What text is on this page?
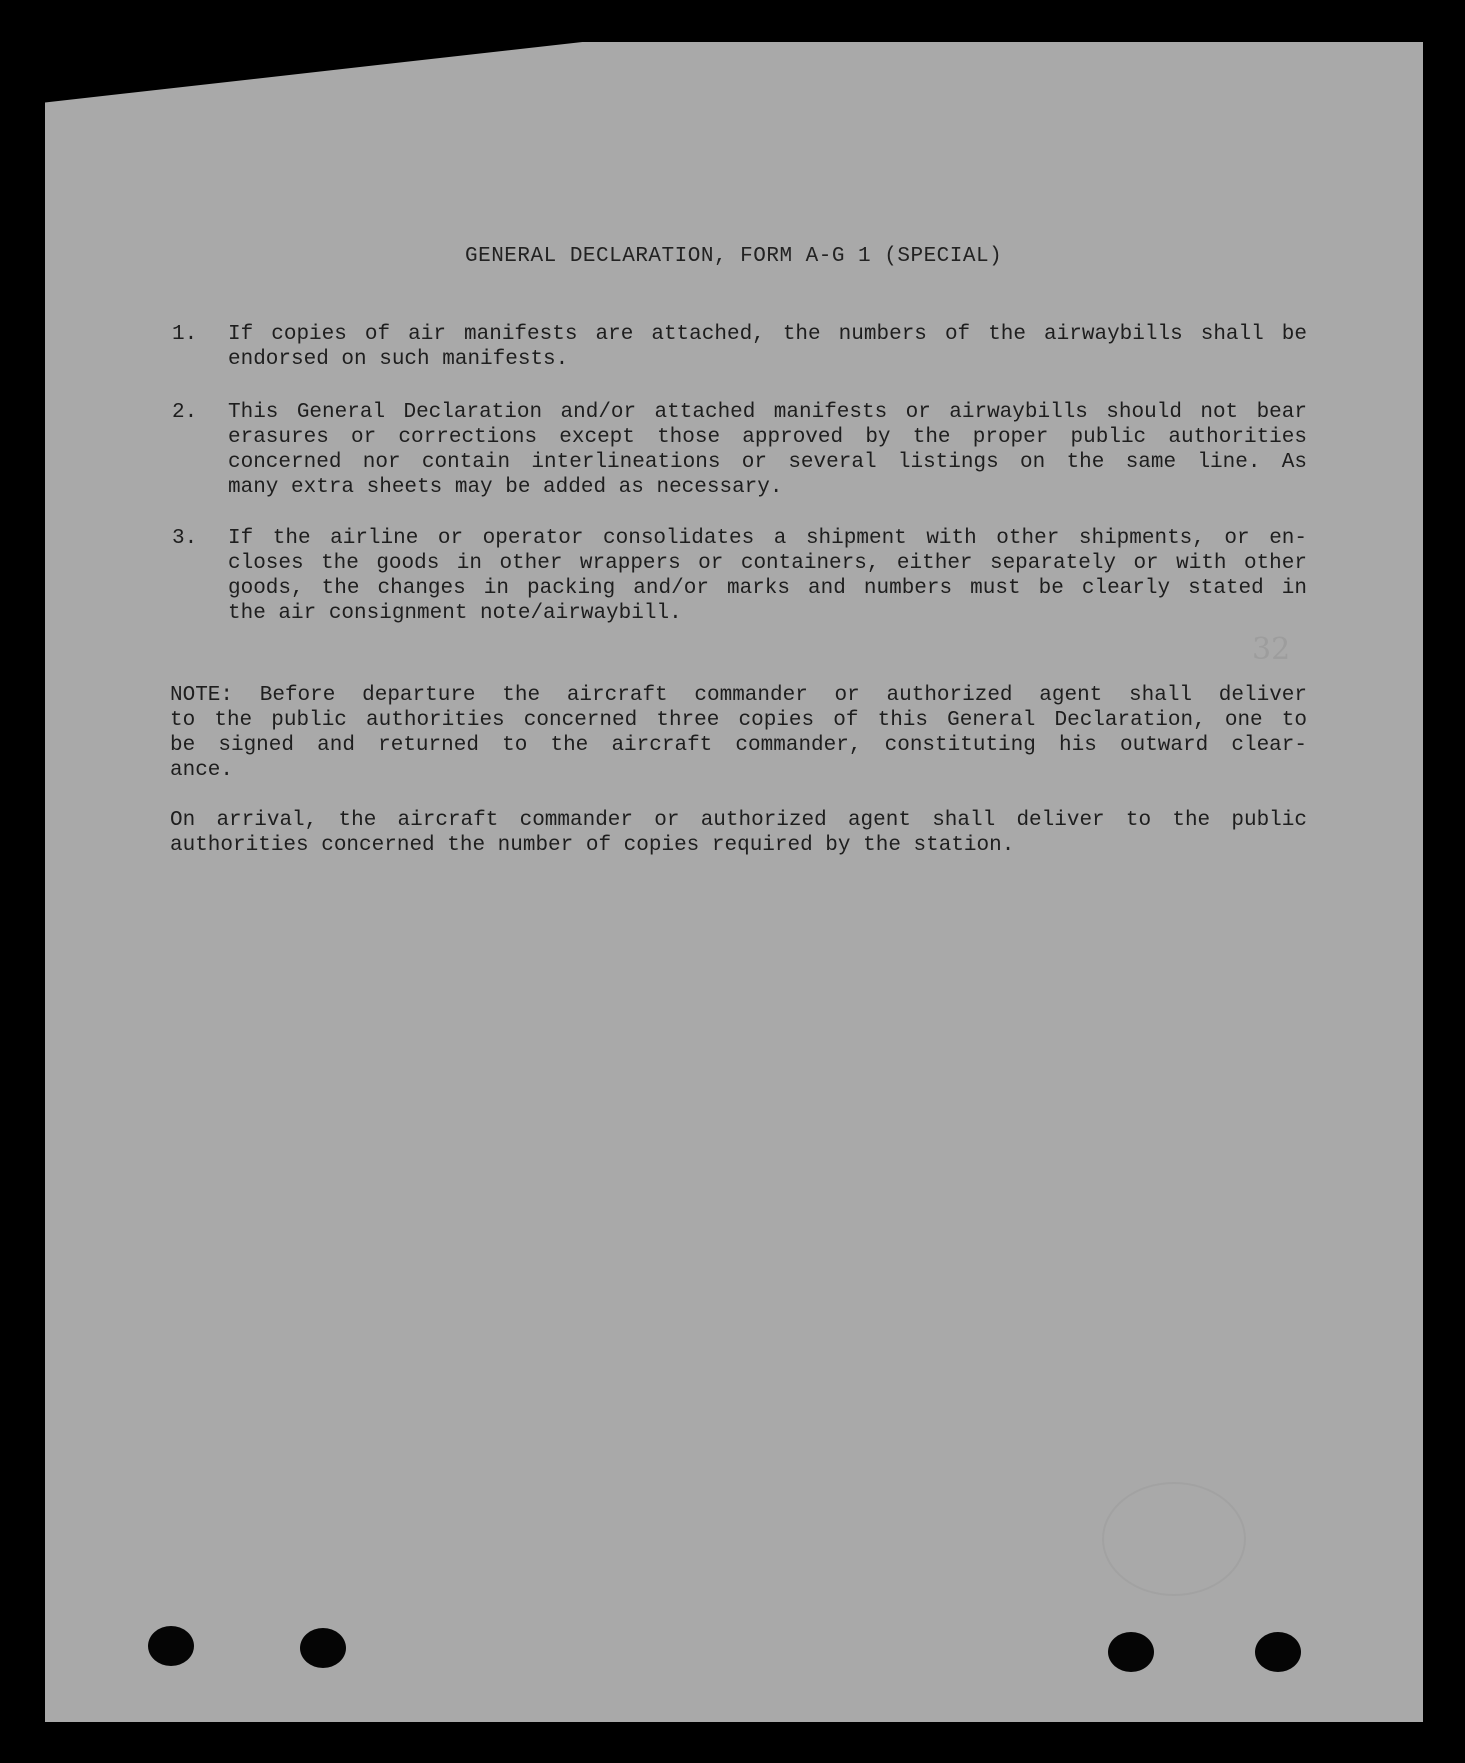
GENERAL DECLARATION, FORM A-G 1 (SPECIAL)
1. If copies of air manifests are attached, the numbers of the airwaybills shall be
endorsed on such manifests.
2. This General Declaration and/or attached manifests or airwaybills should not bear
erasures or corrections except those approved by the proper public authorities
concerned nor contain interlineations or several listings on the same line. As
many extra sheets may be added as necessary.
3. If the airline or operator consolidates a shipment with other shipments, or en-
closes the goods in other wrappers or containers, either separately or with other
goods, the changes in packing and/or marks and numbers must be clearly stated in
the air consignment note/airwaybill.
32
NOTE: Before departure the aircraft commander or authorized agent shall deliver
to the public authorities concerned three copies of this General Declaration, one to
be signed and returned to the aircraft commander, constituting his outward clear-
ance.
On arrival, the aircraft commander or authorized agent shall deliver to the public
authorities concerned the number of copies required by the station.
